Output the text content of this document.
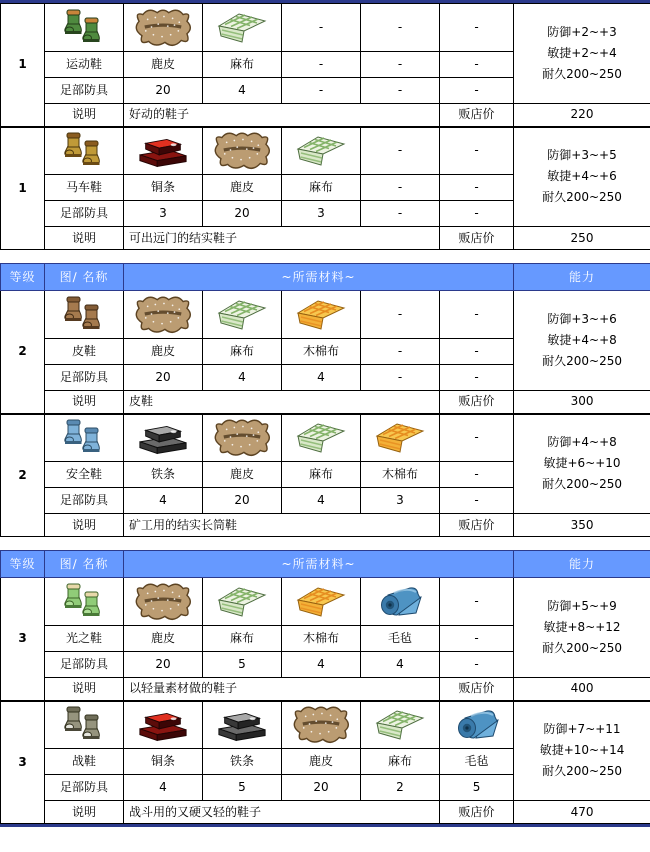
1				-	-	-	防御+2~+3
敏捷+2~+4
耐久200~250

	运动鞋	鹿皮	麻布	-	-	-	
	足部防具	20	4	-	-	-	
	说明	好动的鞋子				贩店价	220
1					-	-	防御+3~+5
敏捷+4~+6
耐久200~250

	马车鞋	铜条	鹿皮	麻布	-	-	
	足部防具	3	20	3	-	-	
	说明	可出远门的结实鞋子				贩店价	250
等级	图∕ 名称	~所需材料~					能力
2					-	-	防御+3~+6
敏捷+4~+8
耐久200~250

	皮鞋	鹿皮	麻布	木棉布	-	-	
	足部防具	20	4	4	-	-	
	说明	皮鞋				贩店价	300
2						-	防御+4~+8
敏捷+6~+10
耐久200~250

	安全鞋	铁条	鹿皮	麻布	木棉布	-	
	足部防具	4	20	4	3	-	
	说明	矿工用的结实长筒鞋				贩店价	350
等级	图∕ 名称	~所需材料~					能力
3						-	防御+5~+9
敏捷+8~+12
耐久200~250

	光之鞋	鹿皮	麻布	木棉布	毛毡	-	
	足部防具	20	5	4	4	-	
	说明	以轻量素材做的鞋子				贩店价	400
3							防御+7~+11
敏捷+10~+14
耐久200~250

	战鞋	铜条	铁条	鹿皮	麻布	毛毡	
	足部防具	4	5	20	2	5	
	说明	战斗用的又硬又轻的鞋子				贩店价	470
